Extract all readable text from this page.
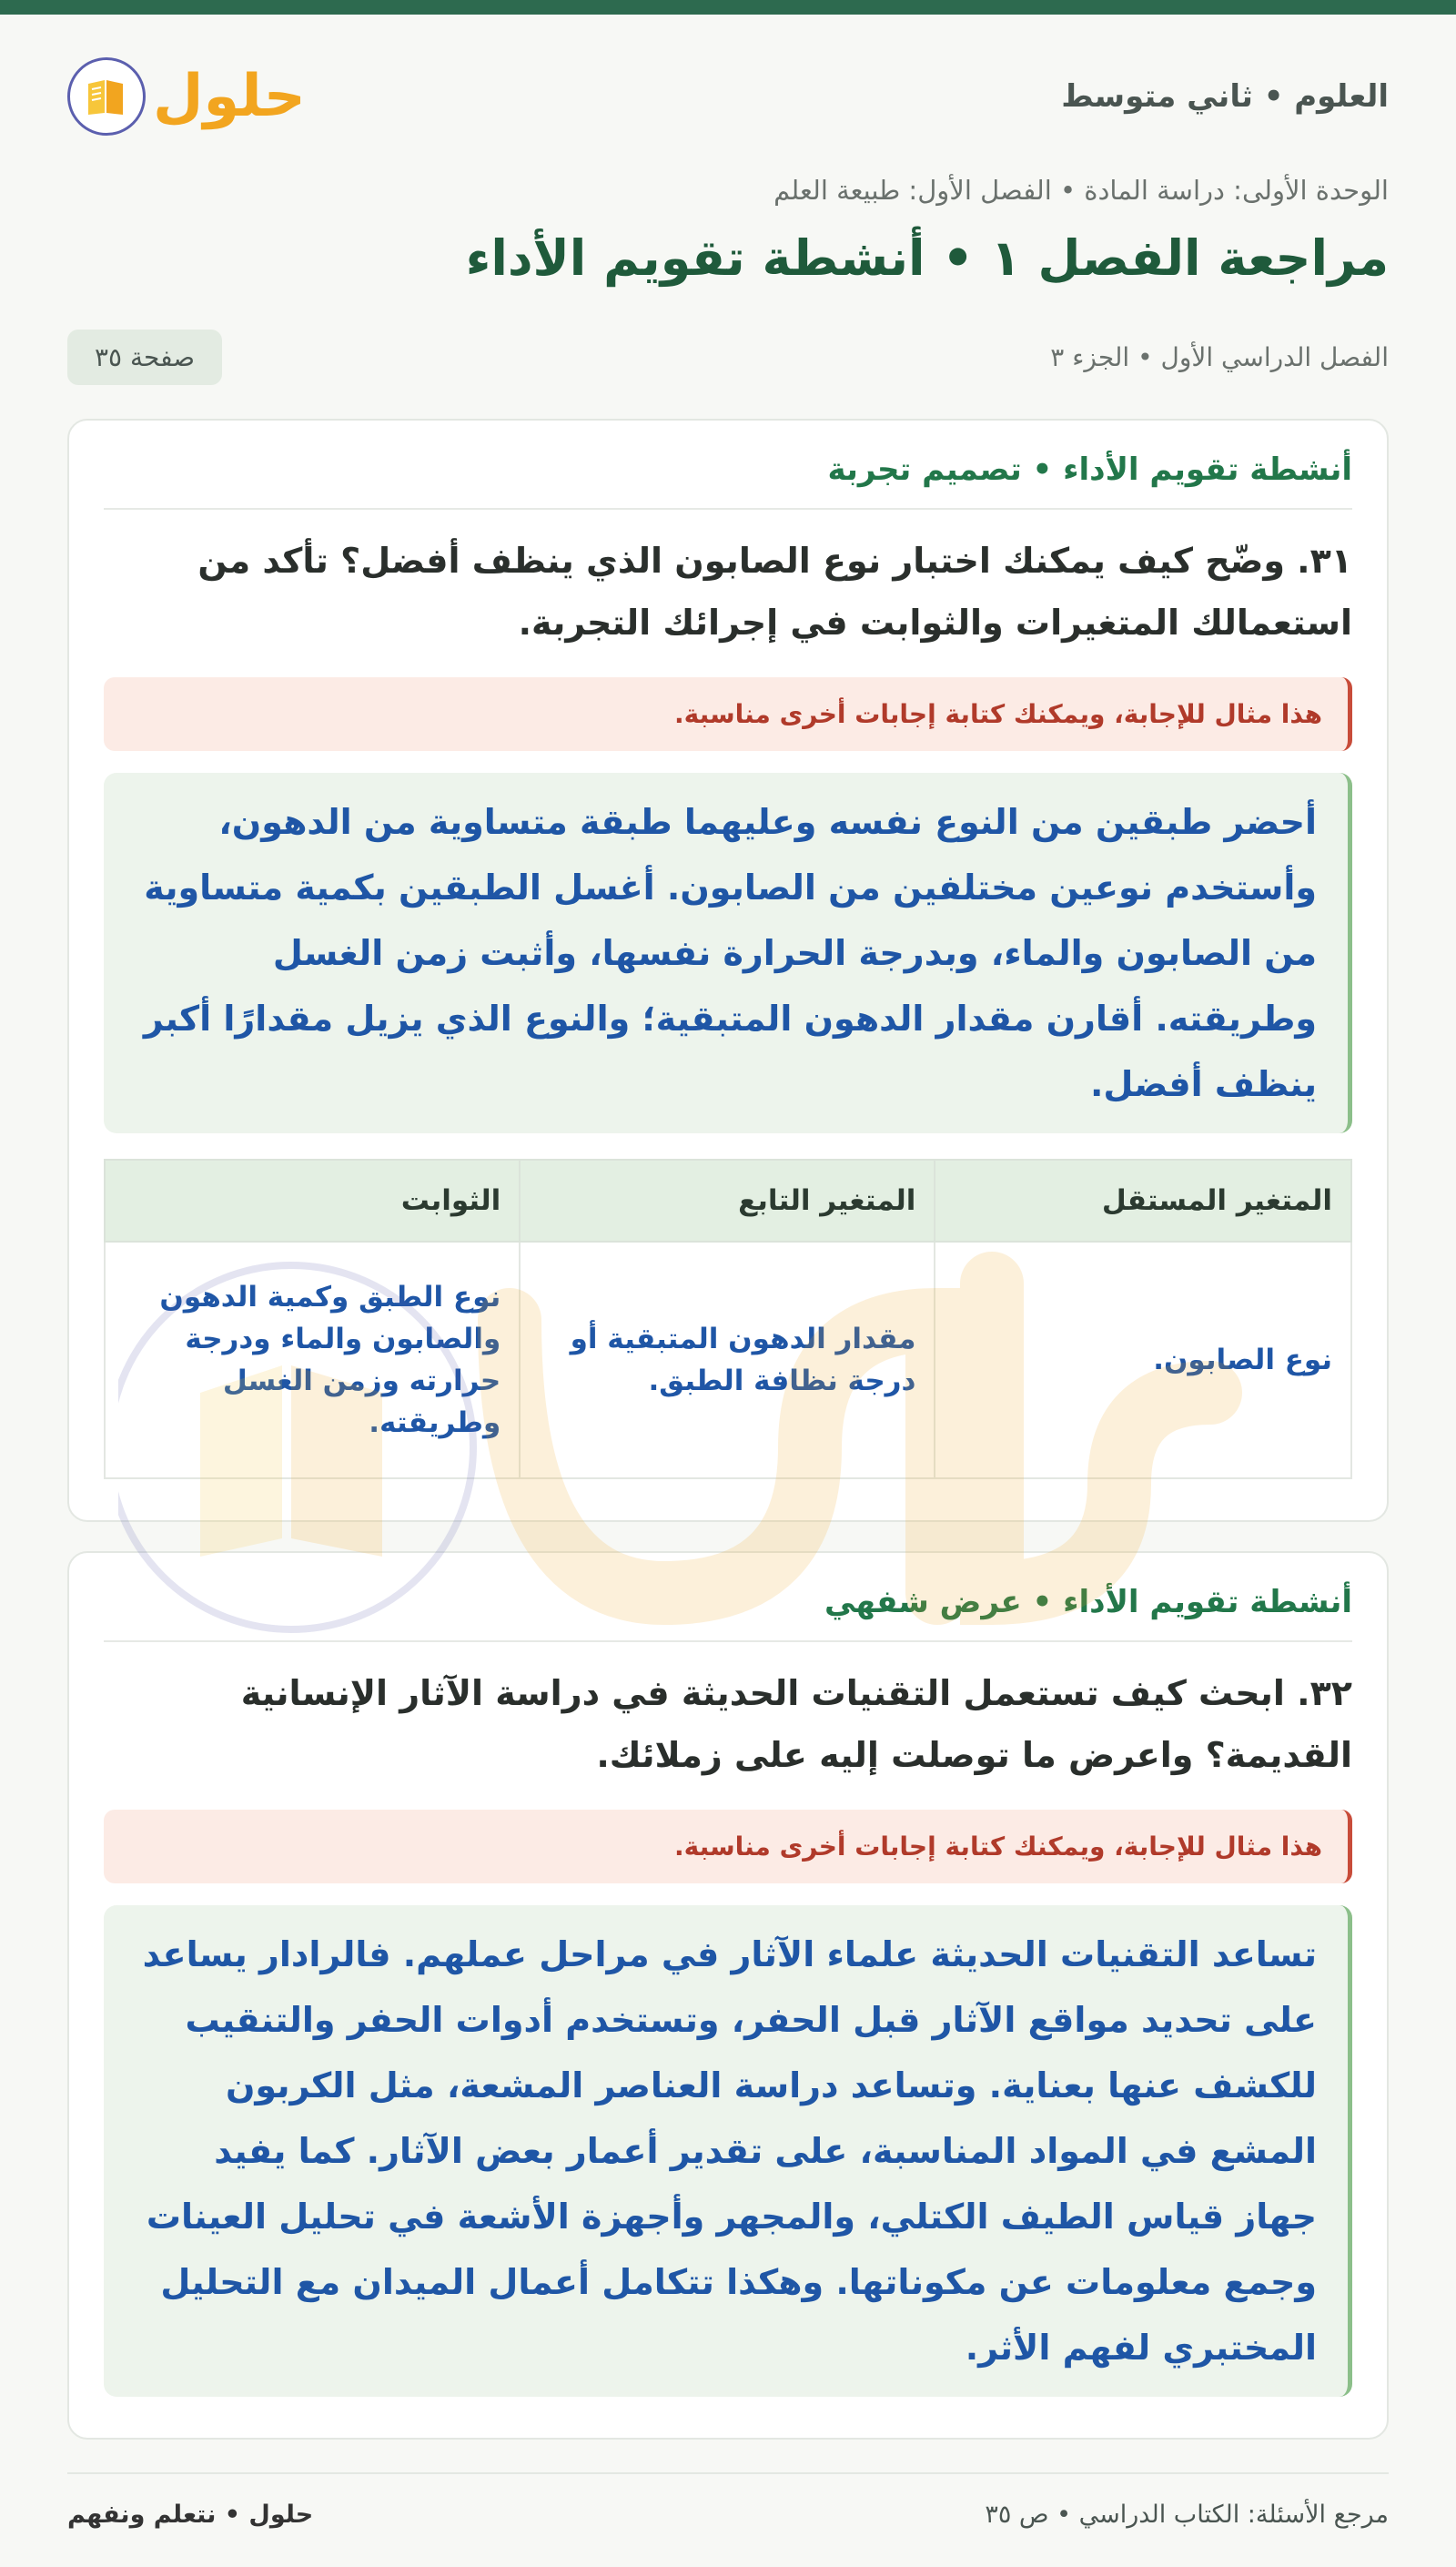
العلوم • ثاني متوسط
حلول
الوحدة الأولى: دراسة المادة • الفصل الأول: طبيعة العلم
مراجعة الفصل ١ • أنشطة تقويم الأداء
الفصل الدراسي الأول • الجزء ٣
صفحة ٣٥
أنشطة تقويم الأداء • تصميم تجربة
٣١. وضّح كيف يمكنك اختبار نوع الصابون الذي ينظف أفضل؟ تأكد من استعمالك المتغيرات والثوابت في إجرائك التجربة.
هذا مثال للإجابة، ويمكنك كتابة إجابات أخرى مناسبة.
أحضر طبقين من النوع نفسه وعليهما طبقة متساوية من الدهون، وأستخدم نوعين مختلفين من الصابون. أغسل الطبقين بكمية متساوية من الصابون والماء، وبدرجة الحرارة نفسها، وأثبت زمن الغسل وطريقته. أقارن مقدار الدهون المتبقية؛ والنوع الذي يزيل مقدارًا أكبر ينظف أفضل.
المتغير المستقل	المتغير التابع	الثوابت
نوع الصابون.	مقدار الدهون المتبقية أو درجة نظافة الطبق.	نوع الطبق وكمية الدهون والصابون والماء ودرجة حرارته وزمن الغسل وطريقته.
أنشطة تقويم الأداء • عرض شفهي
٣٢. ابحث كيف تستعمل التقنيات الحديثة في دراسة الآثار الإنسانية القديمة؟ واعرض ما توصلت إليه على زملائك.
هذا مثال للإجابة، ويمكنك كتابة إجابات أخرى مناسبة.
تساعد التقنيات الحديثة علماء الآثار في مراحل عملهم. فالرادار يساعد على تحديد مواقع الآثار قبل الحفر، وتستخدم أدوات الحفر والتنقيب للكشف عنها بعناية. وتساعد دراسة العناصر المشعة، مثل الكربون المشع في المواد المناسبة، على تقدير أعمار بعض الآثار. كما يفيد جهاز قياس الطيف الكتلي، والمجهر وأجهزة الأشعة في تحليل العينات وجمع معلومات عن مكوناتها. وهكذا تتكامل أعمال الميدان مع التحليل المختبري لفهم الأثر.
مرجع الأسئلة: الكتاب الدراسي • ص ٣٥
حلول • نتعلم ونفهم
